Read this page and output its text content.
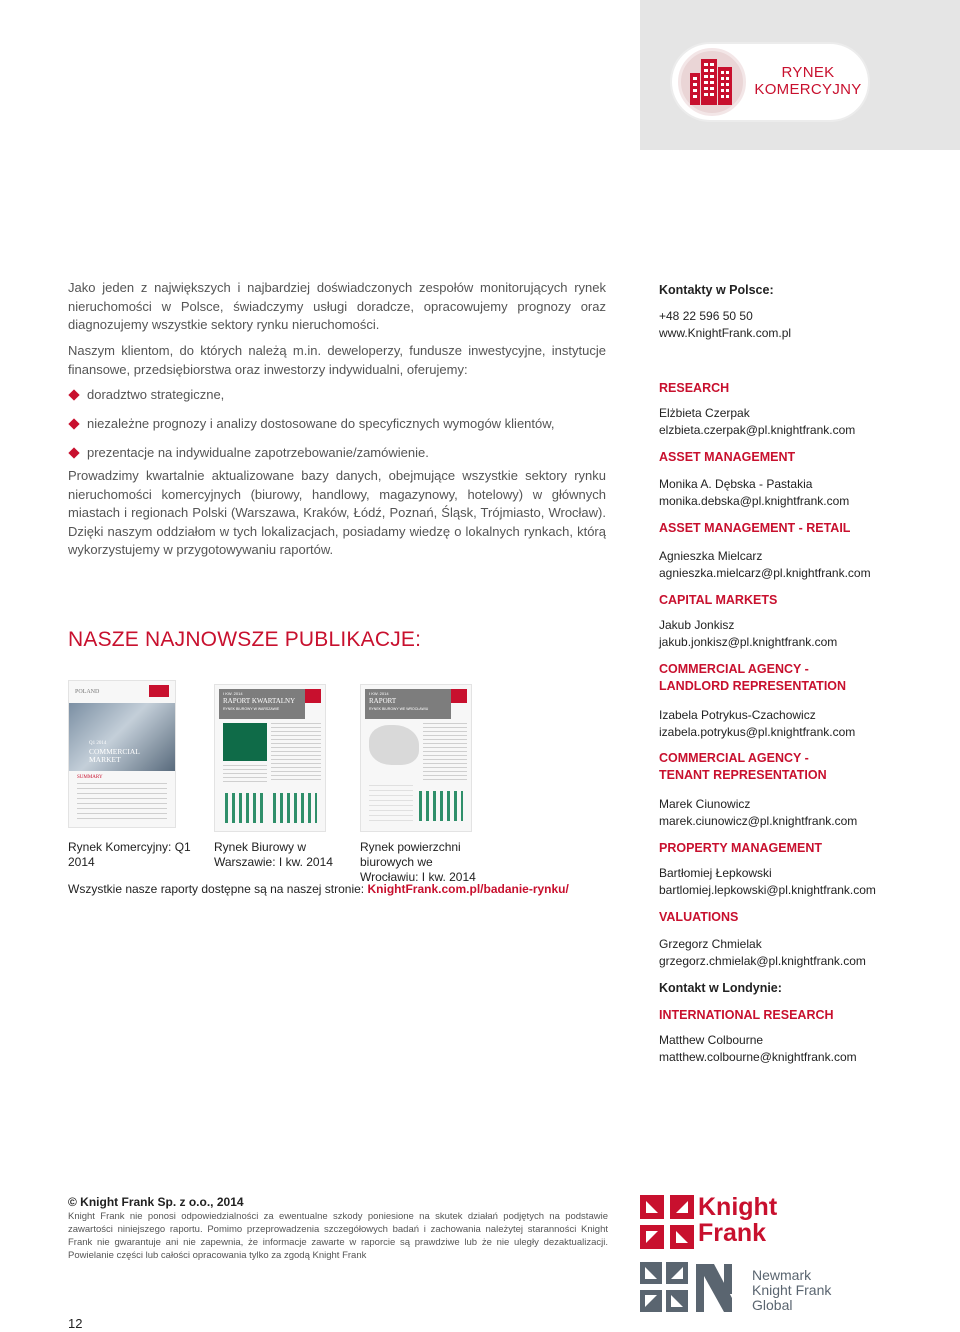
RYNEK
KOMERCYJNY
Jako jeden z największych i najbardziej doświadczonych zespołów monitorujących rynek nieruchomości w Polsce, świadczymy usługi doradcze, opracowujemy prognozy oraz diagnozujemy wszystkie sektory rynku nieruchomości.
Naszym klientom, do których należą m.in. deweloperzy, fundusze inwestycyjne, instytucje finansowe, przedsiębiorstwa oraz inwestorzy indywidualni, oferujemy:
doradztwo strategiczne,
niezależne prognozy i analizy dostosowane do specyficznych wymogów klientów,
prezentacje na indywidualne zapotrzebowanie/zamówienie.
Prowadzimy kwartalnie aktualizowane bazy danych, obejmujące wszystkie sektory rynku nieruchomości komercyjnych (biurowy, handlowy, magazynowy, hotelowy) w głównych miastach i regionach Polski (Warszawa, Kraków, Łódź, Poznań, Śląsk, Trójmiasto, Wrocław). Dzięki naszym oddziałom w tych lokalizacjach, posiadamy wiedzę o lokalnych rynkach, którą wykorzystujemy w przygotowywaniu raportów.
NASZE NAJNOWSZE PUBLIKACJE:
POLAND
Q1 2014
COMMERCIAL MARKET
SUMMARY
I KW. 2014
RAPORT KWARTALNY
RYNEK BIUROWY W WARSZAWIE
I KW. 2014
RAPORT
RYNEK BIUROWY WE WROCŁAWIU
Rynek Komercyjny: Q1 2014
Rynek Biurowy w Warszawie: I kw. 2014
Rynek powierzchni biurowych we Wrocławiu: I kw. 2014
Wszystkie nasze raporty dostępne są na naszej stronie: KnightFrank.com.pl/badanie-rynku/
Kontakty w Polsce:
+48 22 596 50 50
www.KnightFrank.com.pl
RESEARCH
Elżbieta Czerpak
elzbieta.czerpak@pl.knightfrank.com
ASSET MANAGEMENT
Monika A. Dębska - Pastakia
monika.debska@pl.knightfrank.com
ASSET MANAGEMENT - RETAIL
Agnieszka Mielcarz
agnieszka.mielcarz@pl.knightfrank.com
CAPITAL MARKETS
Jakub Jonkisz
jakub.jonkisz@pl.knightfrank.com
COMMERCIAL AGENCY - LANDLORD REPRESENTATION
Izabela Potrykus-Czachowicz
izabela.potrykus@pl.knightfrank.com
COMMERCIAL AGENCY - TENANT REPRESENTATION
Marek Ciunowicz
marek.ciunowicz@pl.knightfrank.com
PROPERTY MANAGEMENT
Bartłomiej Łepkowski
bartlomiej.lepkowski@pl.knightfrank.com
VALUATIONS
Grzegorz Chmielak
grzegorz.chmielak@pl.knightfrank.com
Kontakt w Londynie:
INTERNATIONAL RESEARCH
Matthew Colbourne
matthew.colbourne@knightfrank.com
© Knight Frank Sp. z o.o., 2014
Knight Frank nie ponosi odpowiedzialności za ewentualne szkody poniesione na skutek działań podjętych na podstawie zawartości niniejszego raportu. Pomimo przeprowadzenia szczegółowych badań i zachowania należytej staranności Knight Frank nie gwarantuje ani nie zapewnia, że informacje zawarte w raporcie są prawdziwe lub że nie uległy dezaktualizacji. Powielanie części lub całości opracowania tylko za zgodą Knight Frank
12
Knight
Frank
Newmark
Knight Frank
Global
